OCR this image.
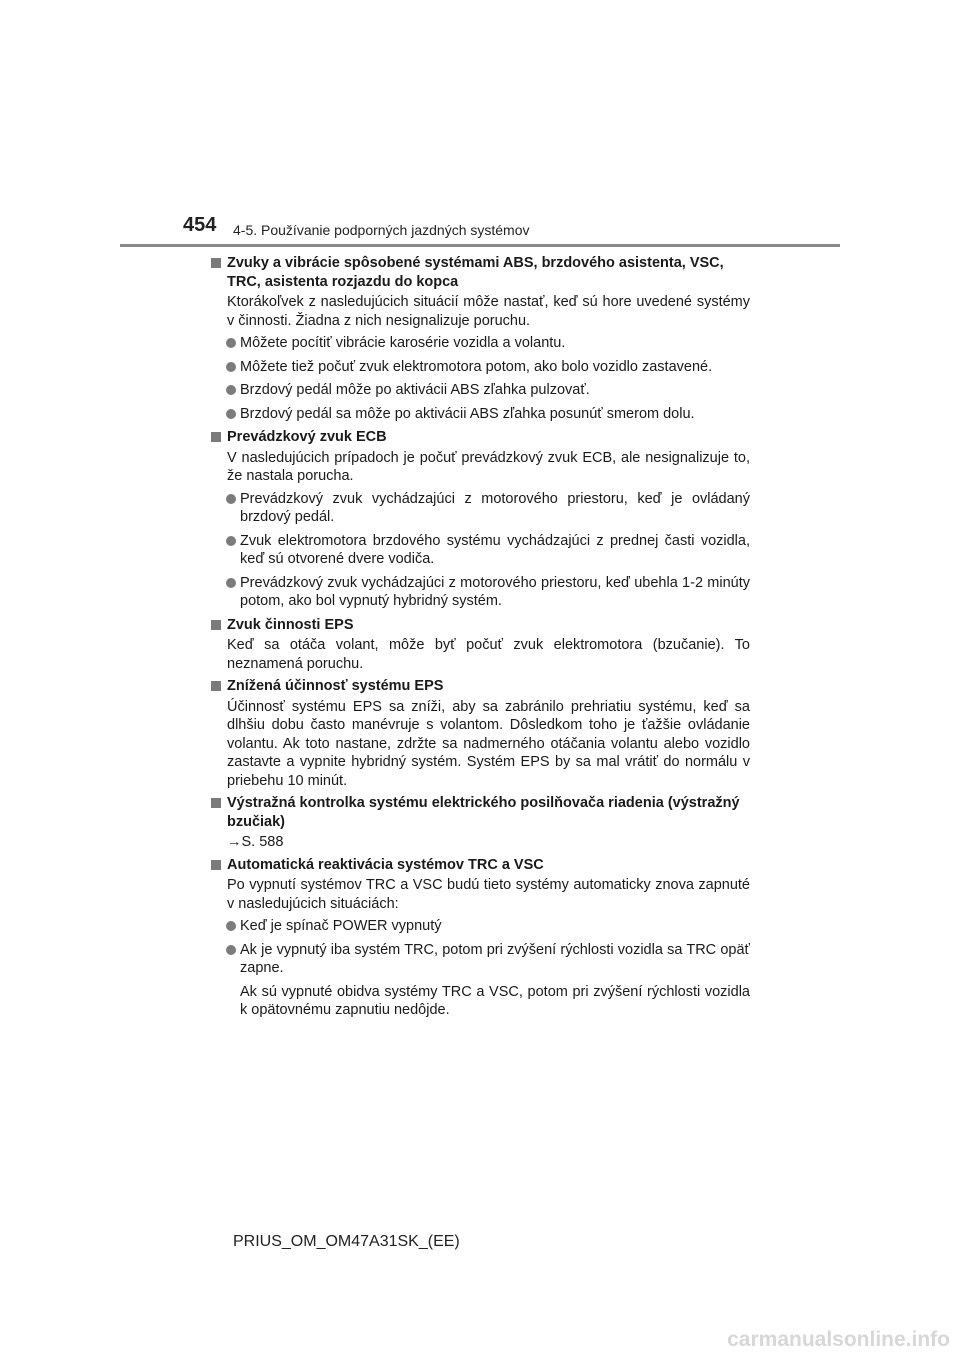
454 4-5. Používanie podporných jazdných systémov
Zvuky a vibrácie spôsobené systémami ABS, brzdového asistenta, VSC, TRC, asistenta rozjazdu do kopca
Ktorákoľvek z nasledujúcich situácií môže nastať, keď sú hore uvedené systémy v činnosti. Žiadna z nich nesignalizuje poruchu.
Môžete pocítiť vibrácie karosérie vozidla a volantu.
Môžete tiež počuť zvuk elektromotora potom, ako bolo vozidlo zastavené.
Brzdový pedál môže po aktivácii ABS zľahka pulzovať.
Brzdový pedál sa môže po aktivácii ABS zľahka posunúť smerom dolu.
Prevádzkový zvuk ECB
V nasledujúcich prípadoch je počuť prevádzkový zvuk ECB, ale nesignalizuje to, že nastala porucha.
Prevádzkový zvuk vychádzajúci z motorového priestoru, keď je ovládaný brzdový pedál.
Zvuk elektromotora brzdového systému vychádzajúci z prednej časti vozidla, keď sú otvorené dvere vodiča.
Prevádzkový zvuk vychádzajúci z motorového priestoru, keď ubehla 1-2 minúty potom, ako bol vypnutý hybridný systém.
Zvuk činnosti EPS
Keď sa otáča volant, môže byť počuť zvuk elektromotora (bzučanie). To neznamená poruchu.
Znížená účinnosť systému EPS
Účinnosť systému EPS sa zníži, aby sa zabránilo prehriatiu systému, keď sa dlhšiu dobu často manévruje s volantom. Dôsledkom toho je ťažšie ovládanie volantu. Ak toto nastane, zdržte sa nadmerného otáčania volantu alebo vozidlo zastavte a vypnite hybridný systém. Systém EPS by sa mal vrátiť do normálu v priebehu 10 minút.
Výstražná kontrolka systému elektrického posilňovača riadenia (výstražný bzučiak)
→S. 588
Automatická reaktivácia systémov TRC a VSC
Po vypnutí systémov TRC a VSC budú tieto systémy automaticky znova zapnuté v nasledujúcich situáciách:
Keď je spínač POWER vypnutý
Ak je vypnutý iba systém TRC, potom pri zvýšení rýchlosti vozidla sa TRC opäť zapne.
Ak sú vypnuté obidva systémy TRC a VSC, potom pri zvýšení rýchlosti vozidla k opätovnému zapnutiu nedôjde.
PRIUS_OM_OM47A31SK_(EE)
carmanualsonline.info
